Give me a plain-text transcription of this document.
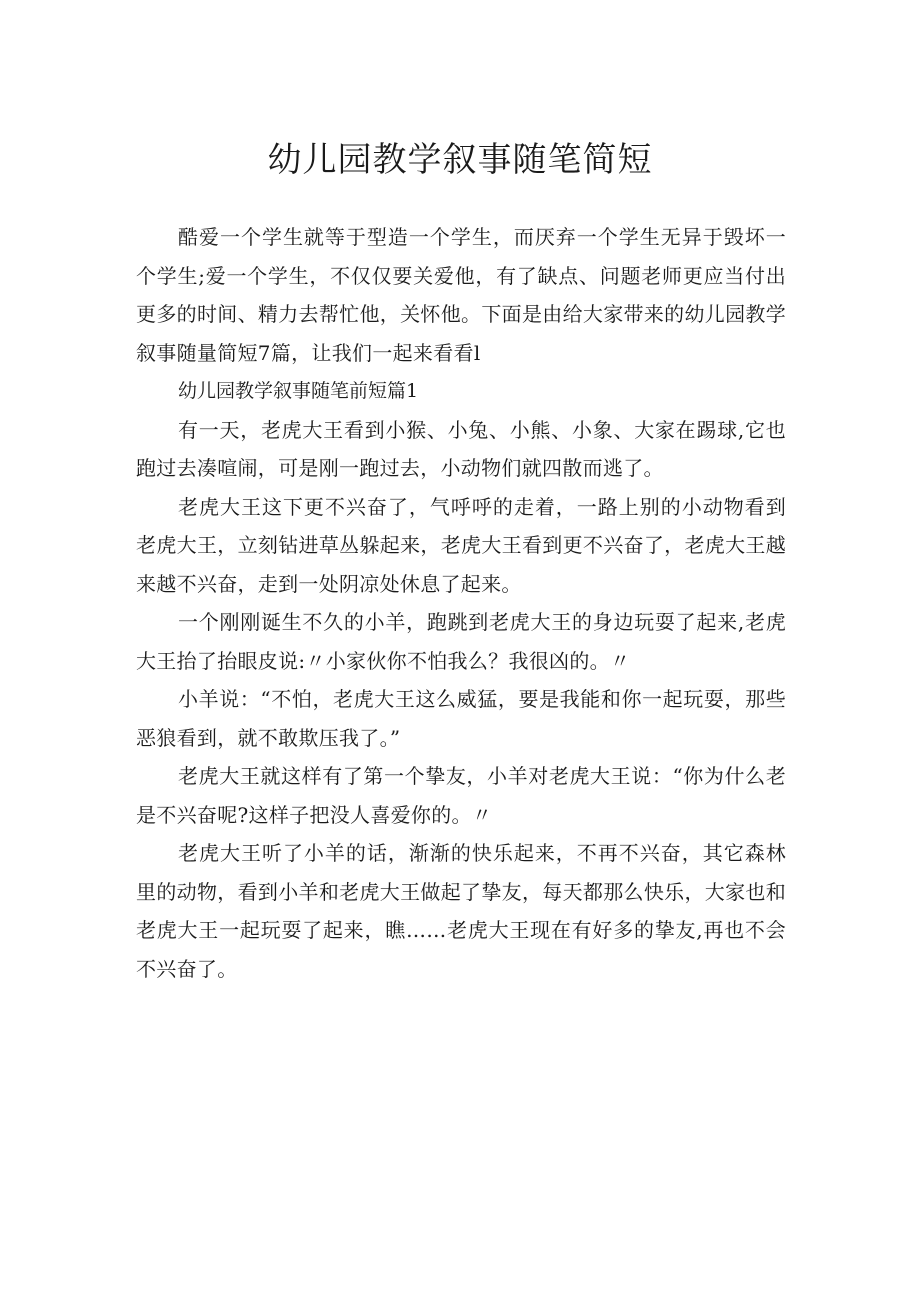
幼儿园教学叙事随笔简短

酷爱一个学生就等于型造一个学生，而厌弃一个学生无异于毁坏一个学生;爱一个学生，不仅仅要关爱他，有了缺点、问题老师更应当付出更多的时间、精力去帮忙他，关怀他。下面是由给大家带来的幼儿园教学叙事随量简短7篇，让我们一起来看看l

幼儿园教学叙事随笔前短篇1

有一天，老虎大王看到小猴、小兔、小熊、小象、大家在踢球,它也跑过去凑喧闹，可是刚一跑过去，小动物们就四散而逃了。

老虎大王这下更不兴奋了，气呼呼的走着，一路上别的小动物看到老虎大王，立刻钻进草丛躲起来，老虎大王看到更不兴奋了，老虎大王越来越不兴奋，走到一处阴凉处休息了起来。

一个刚刚诞生不久的小羊，跑跳到老虎大王的身边玩耍了起来,老虎大王抬了抬眼皮说:〃小家伙你不怕我么？我很凶的。〃

小羊说：“不怕，老虎大王这么威猛，要是我能和你一起玩耍，那些恶狼看到，就不敢欺压我了。”

老虎大王就这样有了第一个挚友，小羊对老虎大王说：“你为什么老是不兴奋呢?这样子把没人喜爱你的。〃

老虎大王听了小羊的话，渐渐的快乐起来，不再不兴奋，其它森林里的动物，看到小羊和老虎大王做起了挚友，每天都那么快乐，大家也和老虎大王一起玩耍了起来，瞧……老虎大王现在有好多的挚友,再也不会不兴奋了。
